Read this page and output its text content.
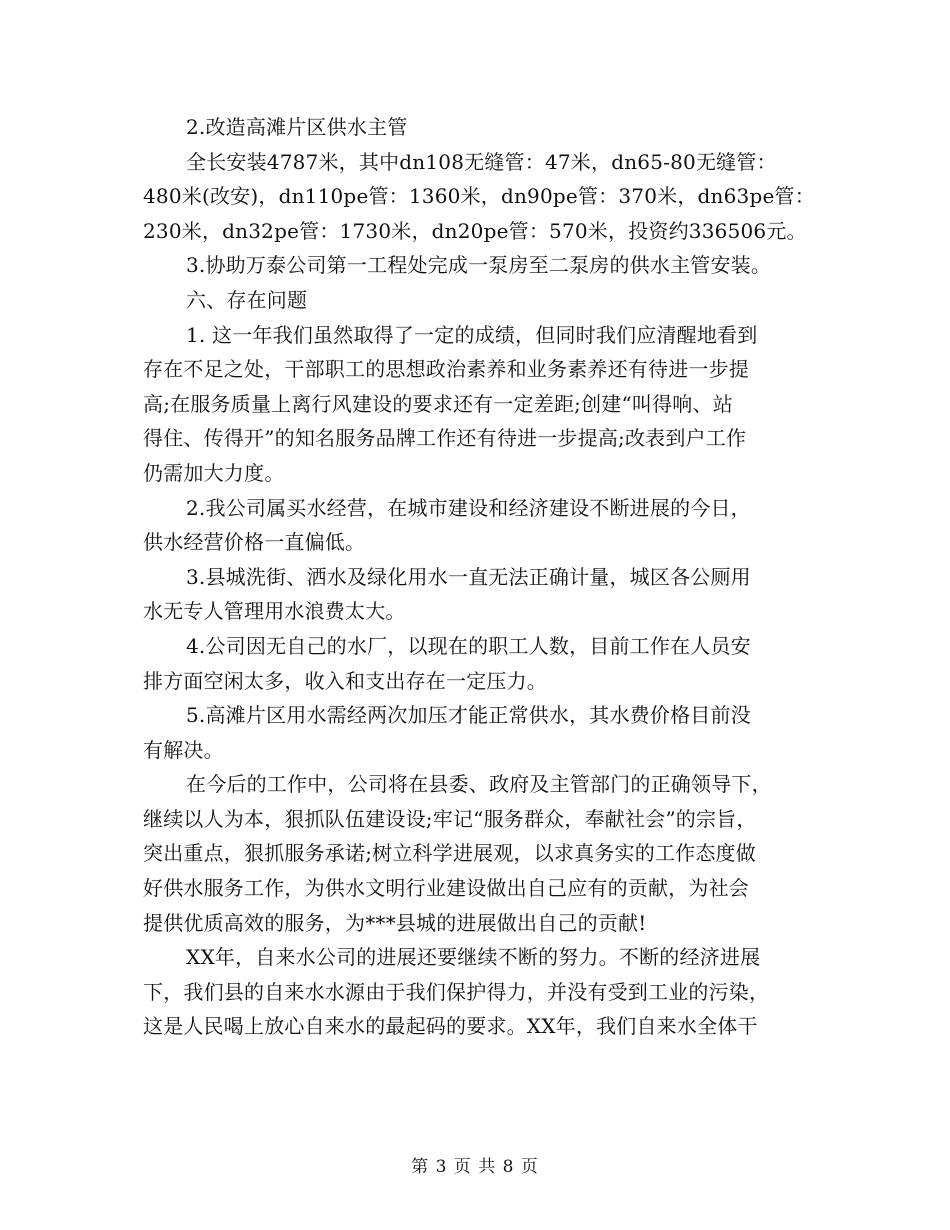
2.改造高滩片区供水主管
全长安装4787米，其中dn108无缝管：47米，dn65-80无缝管：
480米(改安)，dn110pe管：1360米，dn90pe管：370米，dn63pe管：
230米，dn32pe管：1730米，dn20pe管：570米，投资约336506元。
3.协助万泰公司第一工程处完成一泵房至二泵房的供水主管安装。
六、存在问题
1. 这一年我们虽然取得了一定的成绩，但同时我们应清醒地看到
存在不足之处，干部职工的思想政治素养和业务素养还有待进一步提
高;在服务质量上离行风建设的要求还有一定差距;创建“叫得响、站
得住、传得开”的知名服务品牌工作还有待进一步提高;改表到户工作
仍需加大力度。
2.我公司属买水经营，在城市建设和经济建设不断进展的今日，
供水经营价格一直偏低。
3.县城洗街、洒水及绿化用水一直无法正确计量，城区各公厕用
水无专人管理用水浪费太大。
4.公司因无自己的水厂，以现在的职工人数，目前工作在人员安
排方面空闲太多，收入和支出存在一定压力。
5.高滩片区用水需经两次加压才能正常供水，其水费价格目前没
有解决。
在今后的工作中，公司将在县委、政府及主管部门的正确领导下，
继续以人为本，狠抓队伍建设设;牢记“服务群众，奉献社会”的宗旨，
突出重点，狠抓服务承诺;树立科学进展观，以求真务实的工作态度做
好供水服务工作，为供水文明行业建设做出自己应有的贡献，为社会
提供优质高效的服务，为***县城的进展做出自己的贡献!
XX年，自来水公司的进展还要继续不断的努力。不断的经济进展
下，我们县的自来水水源由于我们保护得力，并没有受到工业的污染，
这是人民喝上放心自来水的最起码的要求。XX年，我们自来水全体干
第 3 页 共 8 页
